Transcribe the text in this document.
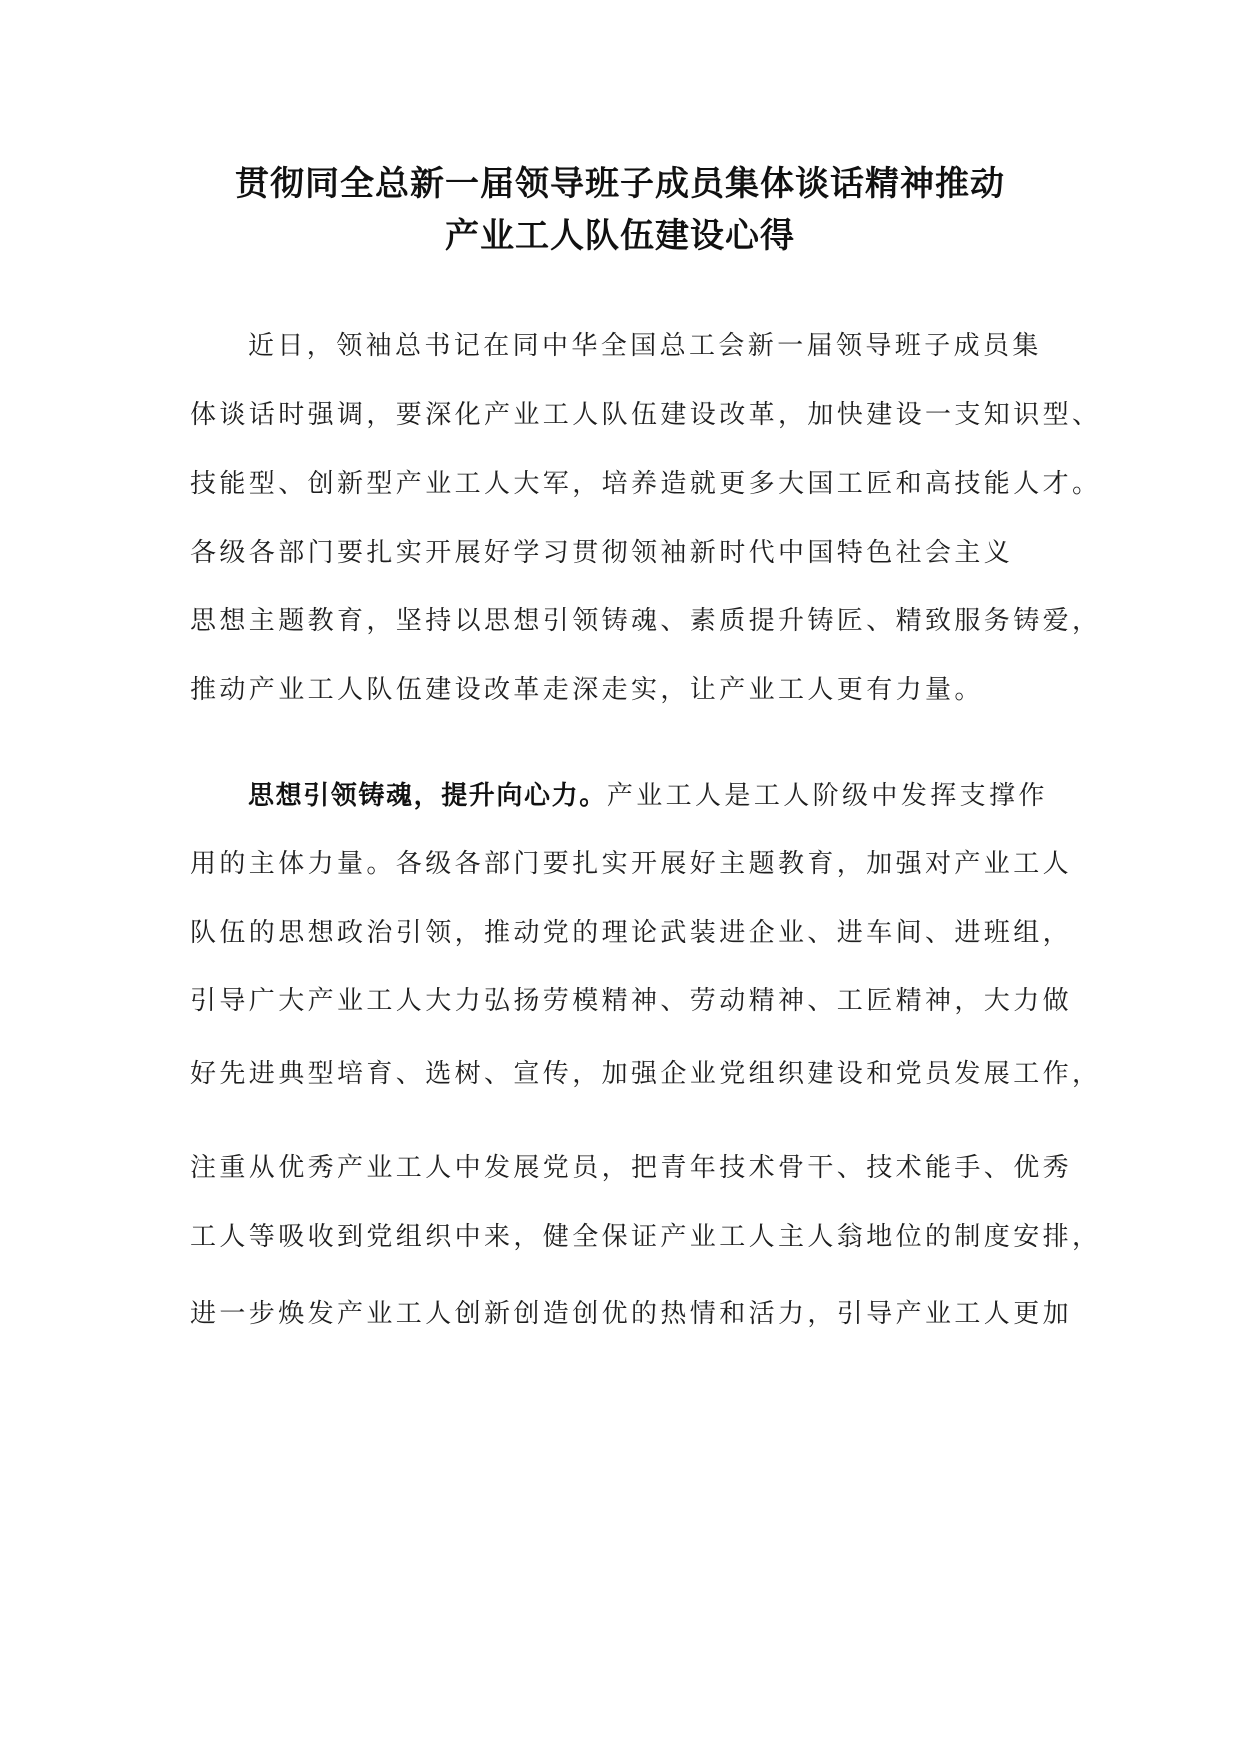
贯彻同全总新一届领导班子成员集体谈话精神推动
产业工人队伍建设心得
近日，领袖总书记在同中华全国总工会新一届领导班子成员集
体谈话时强调，要深化产业工人队伍建设改革，加快建设一支知识型、
技能型、创新型产业工人大军，培养造就更多大国工匠和高技能人才。
各级各部门要扎实开展好学习贯彻领袖新时代中国特色社会主义
思想主题教育，坚持以思想引领铸魂、素质提升铸匠、精致服务铸爱，
推动产业工人队伍建设改革走深走实，让产业工人更有力量。
思想引领铸魂，提升向心力。产业工人是工人阶级中发挥支撑作
用的主体力量。各级各部门要扎实开展好主题教育，加强对产业工人
队伍的思想政治引领，推动党的理论武装进企业、进车间、进班组，
引导广大产业工人大力弘扬劳模精神、劳动精神、工匠精神，大力做
好先进典型培育、选树、宣传，加强企业党组织建设和党员发展工作，
注重从优秀产业工人中发展党员，把青年技术骨干、技术能手、优秀
工人等吸收到党组织中来，健全保证产业工人主人翁地位的制度安排，
进一步焕发产业工人创新创造创优的热情和活力，引导产业工人更加
